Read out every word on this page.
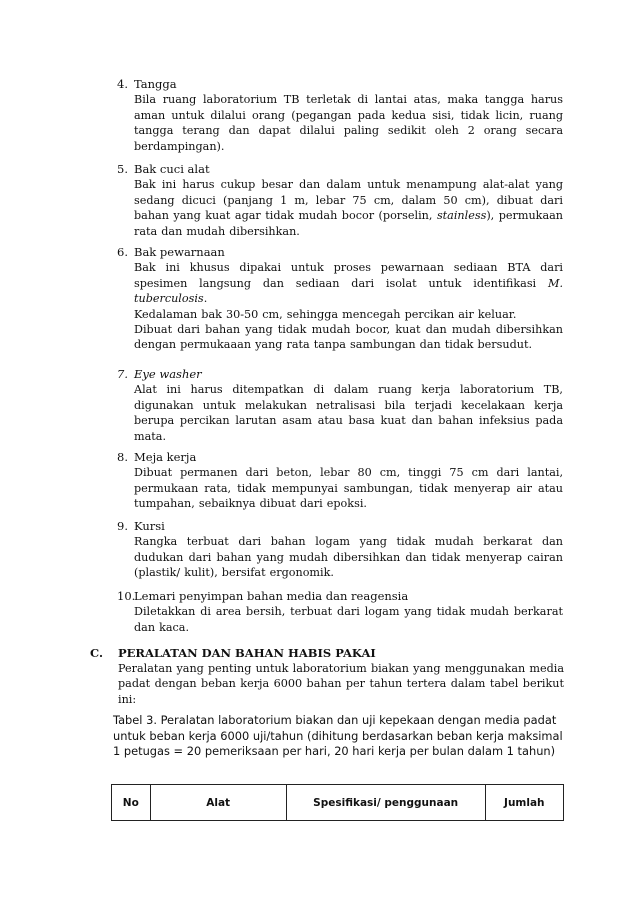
4. Tangga

Bila ruang laboratorium TB terletak di lantai atas, maka tangga harus aman untuk dilalui orang (pegangan pada kedua sisi, tidak licin, ruang tangga terang dan dapat dilalui paling sedikit oleh 2 orang secara berdampingan).

5. Bak cuci alat

Bak ini harus cukup besar dan dalam untuk menampung alat-alat yang sedang dicuci (panjang 1 m, lebar 75 cm, dalam 50 cm), dibuat dari bahan yang kuat agar tidak mudah bocor (porselin, stainless), permukaan rata dan mudah dibersihkan.

6. Bak pewarnaan

Bak ini khusus dipakai untuk proses pewarnaan sediaan BTA dari spesimen langsung dan sediaan dari isolat untuk identifikasi M. tuberculosis.

Kedalaman bak 30-50 cm, sehingga mencegah percikan air keluar.

Dibuat dari bahan yang tidak mudah bocor, kuat dan mudah dibersihkan dengan permukaaan yang rata tanpa sambungan dan tidak bersudut.

7. Eye washer

Alat ini harus ditempatkan di dalam ruang kerja laboratorium TB, digunakan untuk melakukan netralisasi bila terjadi kecelakaan kerja berupa percikan larutan asam atau basa kuat dan bahan infeksius pada mata.

8. Meja kerja

Dibuat permanen dari beton, lebar 80 cm, tinggi 75 cm dari lantai, permukaan rata, tidak mempunyai sambungan, tidak menyerap air atau tumpahan, sebaiknya dibuat dari epoksi.

9. Kursi

Rangka terbuat dari bahan logam yang tidak mudah berkarat dan dudukan dari bahan yang mudah dibersihkan dan tidak menyerap cairan (plastik/ kulit), bersifat ergonomik.

10.
Lemari penyimpan bahan media dan reagensia

Diletakkan di area bersih, terbuat dari logam yang tidak mudah berkarat dan kaca.

C. PERALATAN DAN BAHAN HABIS PAKAI
Peralatan yang penting untuk laboratorium biakan yang menggunakan media padat dengan beban kerja 6000 bahan per tahun tertera dalam tabel berikut ini:
Tabel 3. Peralatan laboratorium biakan dan uji kepekaan dengan media padat untuk beban kerja 6000 uji/tahun (dihitung berdasarkan beban kerja maksimal 1 petugas = 20 pemeriksaan per hari, 20 hari kerja per bulan dalam 1 tahun)
No	Alat	Spesifikasi/ penggunaan	Jumlah
